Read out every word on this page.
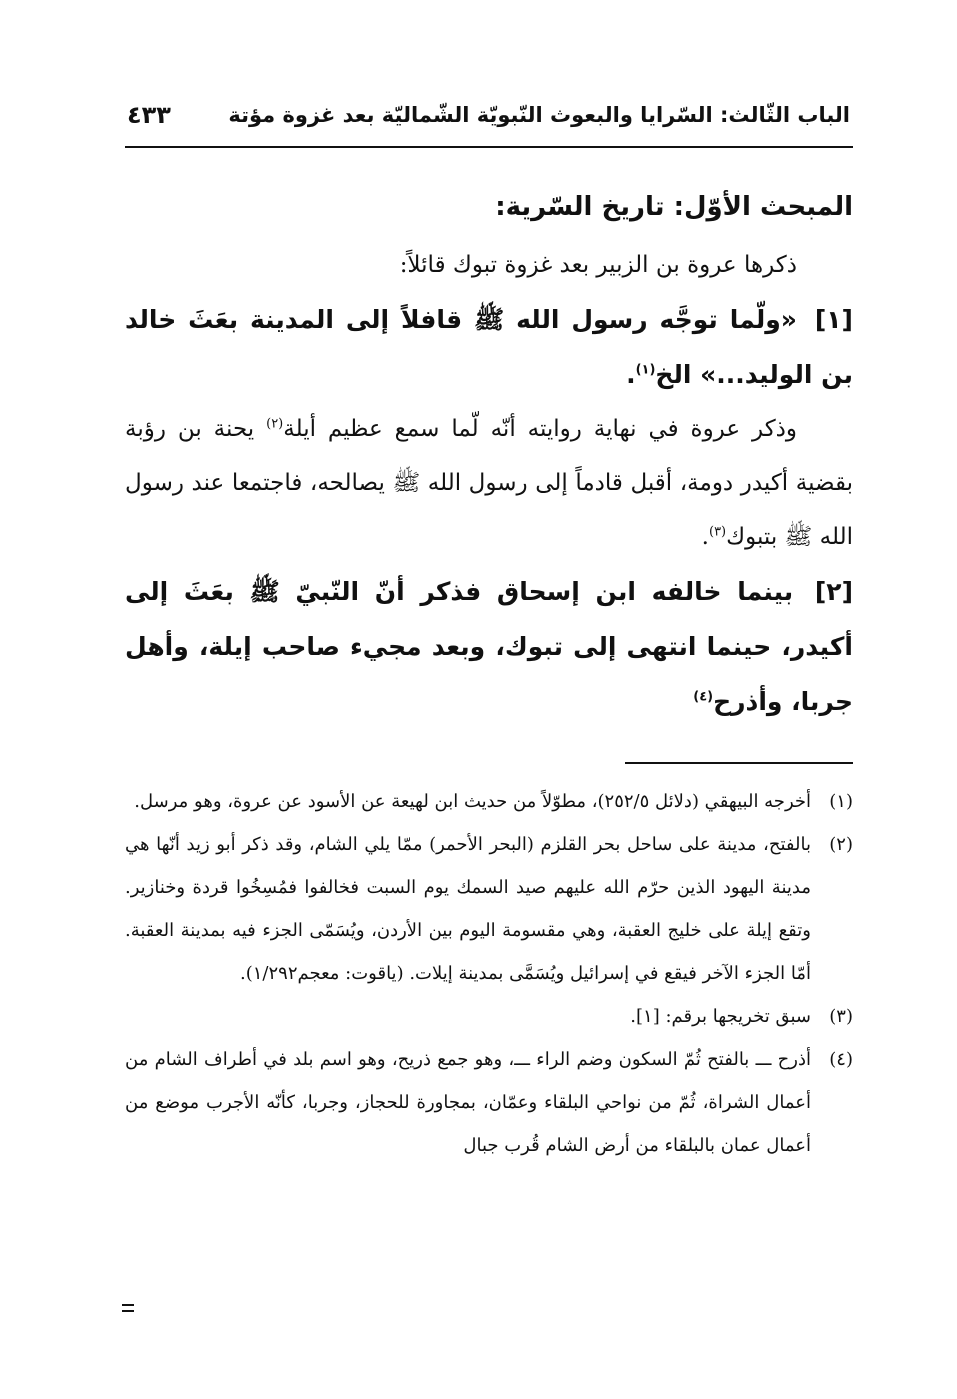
٤٣٣	الباب الثّالث: السّرايا والبعوث النّبويّة الشّماليّة بعد غزوة مؤتة

المبحث الأوّل: تاريخ السّرية:

ذكرها عروة بن الزبير بعد غزوة تبوك قائلاً:

[١] «ولّما توجَّه رسول الله ﷺ قافلاً إلى المدينة بعَثَ خالد بن الوليد...» الخ$^{(١)}$.

وذكر عروة في نهاية روايته أنّه لّما سمع عظيم أيلة$^{(٢)}$ يحنة بن رؤبة بقضية أكيدر دومة، أقبل قادماً إلى رسول الله ﷺ يصالحه، فاجتمعا عند رسول الله ﷺ بتبوك$^{(٣)}$.

[٢] بينما خالفه ابن إسحاق فذكر أنّ النّبيّ ﷺ بعَثَ إلى أكيدر، حينما انتهى إلى تبوك، وبعد مجيء صاحب إيلة، وأهل جربا، وأذرح$^{(٤)}$

(١)
أخرجه البيهقي (دلائل ٢٥٢/٥)، مطوّلاً من حديث ابن لهيعة عن الأسود عن عروة، وهو مرسل.
(٢)
بالفتح، مدينة على ساحل بحر القلزم (البحر الأحمر) ممّا يلي الشام، وقد ذكر أبو زيد أنّها هي مدينة اليهود الذين حرّم الله عليهم صيد السمك يوم السبت فخالفوا فمُسِخُوا قردة وخنازير. وتقع إيلة على خليج العقبة، وهي مقسومة اليوم بين الأردن، ويُسَمّى الجزء فيه بمدينة العقبة. أمّا الجزء الآخر فيقع في إسرائيل ويُسَمَّى بمدينة إيلات. (ياقوت: معجم١/٢٩٢).
(٣)
سبق تخريجها برقم: [١].
(٤)
أذرح ـــ بالفتح ثُمّ السكون وضم الراء ـــ، وهو جمع ذريح، وهو اسم بلد في أطراف الشام من أعمال الشراة، ثُمّ من نواحي البلقاء وعمّان، بمجاورة للحجاز، وجربا، كأنّه الأجرب موضع من أعمال عمان بالبلقاء من أرض الشام قُرب جبال
